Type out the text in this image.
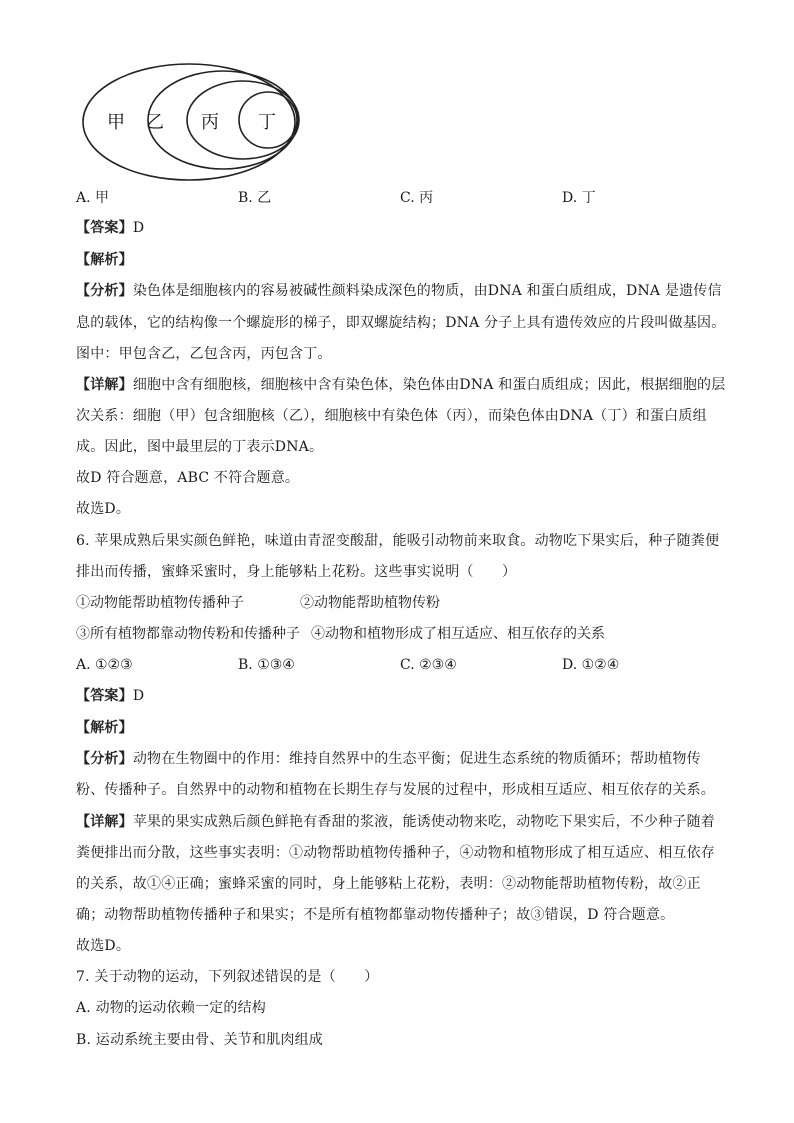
甲 乙 丙 丁
A. 甲	B. 乙	C. 丙	D. 丁
【答案】D
【解析】
【分析】染色体是细胞核内的容易被碱性颜料染成深色的物质，由DNA 和蛋白质组成，DNA 是遗传信
息的载体，它的结构像一个螺旋形的梯子，即双螺旋结构；DNA 分子上具有遗传效应的片段叫做基因。
图中：甲包含乙，乙包含丙，丙包含丁。
【详解】细胞中含有细胞核，细胞核中含有染色体，染色体由DNA 和蛋白质组成；因此，根据细胞的层
次关系：细胞（甲）包含细胞核（乙），细胞核中有染色体（丙），而染色体由DNA（丁）和蛋白质组
成。因此，图中最里层的丁表示DNA。
故D 符合题意，ABC 不符合题意。
故选D。
6. 苹果成熟后果实颜色鲜艳，味道由青涩变酸甜，能吸引动物前来取食。动物吃下果实后，种子随粪便
排出而传播，蜜蜂采蜜时，身上能够粘上花粉。这些事实说明（　　）
①动物能帮助植物传播种子	②动物能帮助植物传粉
③所有植物都靠动物传粉和传播种子 ④动物和植物形成了相互适应、相互依存的关系
A. ①②③	B. ①③④	C. ②③④	D. ①②④
【答案】D
【解析】
【分析】动物在生物圈中的作用：维持自然界中的生态平衡；促进生态系统的物质循环；帮助植物传
粉、传播种子。自然界中的动物和植物在长期生存与发展的过程中，形成相互适应、相互依存的关系。
【详解】苹果的果实成熟后颜色鲜艳有香甜的浆液，能诱使动物来吃，动物吃下果实后，不少种子随着
粪便排出而分散，这些事实表明：①动物帮助植物传播种子，④动物和植物形成了相互适应、相互依存
的关系，故①④正确；蜜蜂采蜜的同时，身上能够粘上花粉，表明：②动物能帮助植物传粉，故②正
确；动物帮助植物传播种子和果实；不是所有植物都靠动物传播种子；故③错误，D 符合题意。
故选D。
7. 关于动物的运动，下列叙述错误的是（　　）
A. 动物的运动依赖一定的结构
B. 运动系统主要由骨、关节和肌肉组成
